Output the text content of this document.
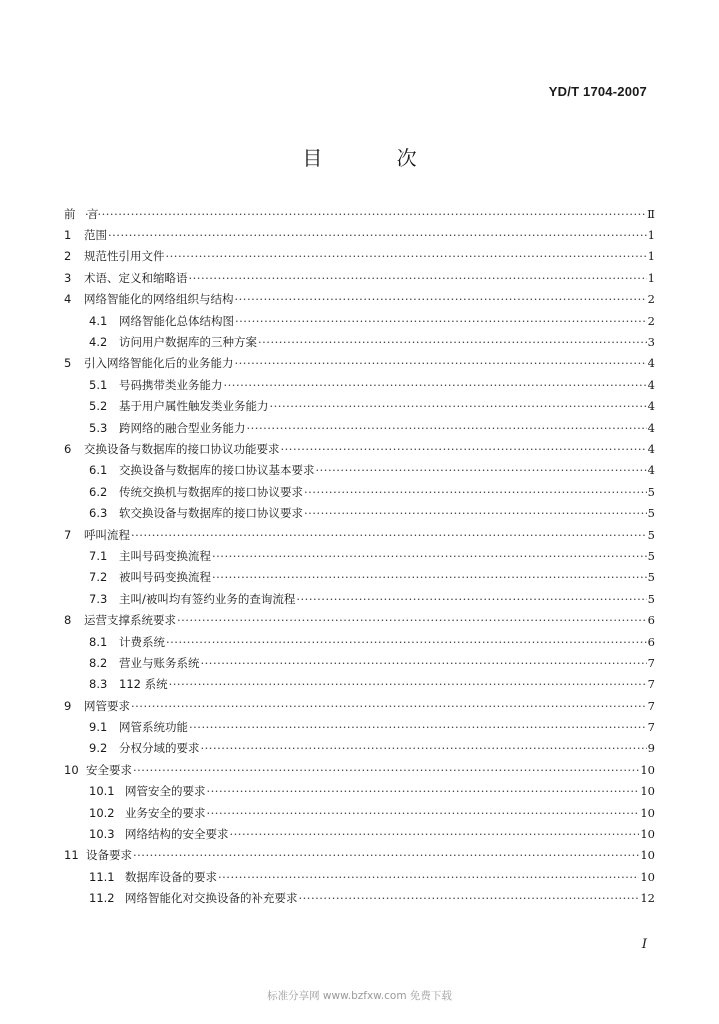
YD/T 1704-2007
目 次
前　言 ·····	Ⅱ
1	范围 ·····	1
2	规范性引用文件 ·····	1
3	术语、定义和缩略语 ·····	1
4	网络智能化的网络组织与结构 ·····	2
4.1	网络智能化总体结构图 ·····	2
4.2	访问用户数据库的三种方案 ·····	3
5	引入网络智能化后的业务能力 ·····	4
5.1	号码携带类业务能力 ·····	4
5.2	基于用户属性触发类业务能力 ·····	4
5.3	跨网络的融合型业务能力 ·····	4
6	交换设备与数据库的接口协议功能要求 ·····	4
6.1	交换设备与数据库的接口协议基本要求 ·····	4
6.2	传统交换机与数据库的接口协议要求 ·····	5
6.3	软交换设备与数据库的接口协议要求 ·····	5
7	呼叫流程 ·····	5
7.1	主叫号码变换流程 ·····	5
7.2	被叫号码变换流程 ·····	5
7.3	主叫/被叫均有签约业务的查询流程 ·····	5
8	运营支撑系统要求 ·····	6
8.1	计费系统 ·····	6
8.2	营业与账务系统 ·····	7
8.3	112 系统 ·····	7
9	网管要求 ·····	7
9.1	网管系统功能 ·····	7
9.2	分权分域的要求 ·····	9
10 安全要求 ·····	10
10.1 网管安全的要求 ·····	10
10.2 业务安全的要求 ·····	10
10.3 网络结构的安全要求 ·····	10
11 设备要求 ·····	10
11.1 数据库设备的要求 ·····	10
11.2 网络智能化对交换设备的补充要求 ·····	12
I
标准分享网 www.bzfxw.com 免费下载
